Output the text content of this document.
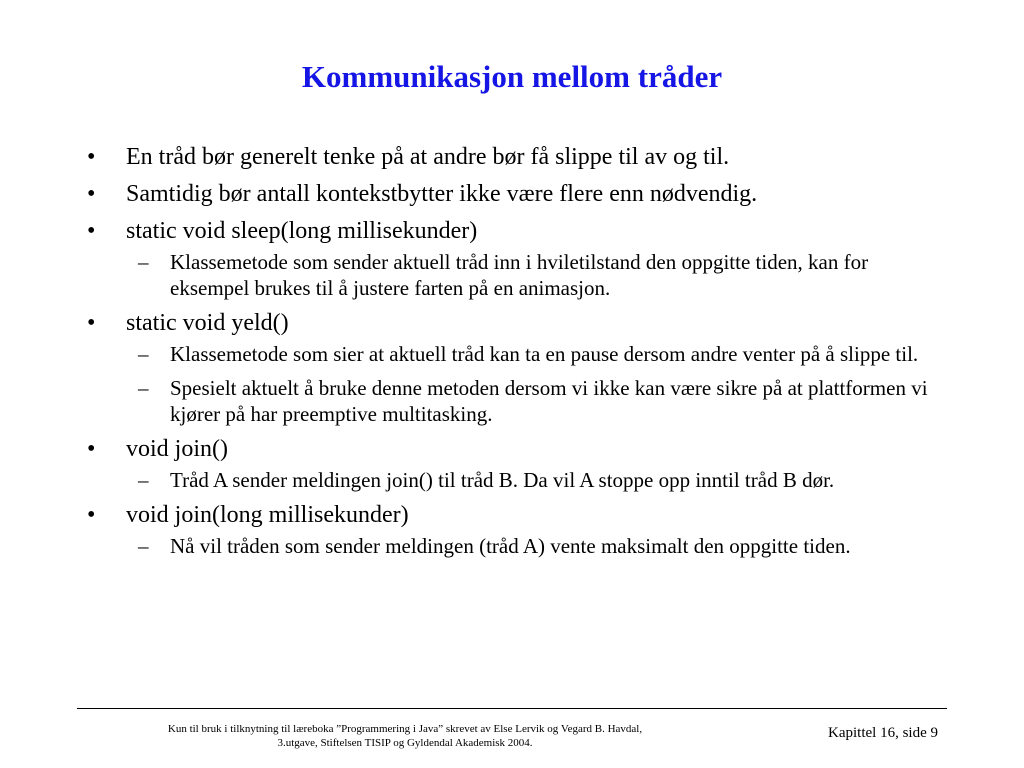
Kommunikasjon mellom tråder
• En tråd bør generelt tenke på at andre bør få slippe til av og til.
• Samtidig bør antall kontekstbytter ikke være flere enn nødvendig.
• static void sleep(long millisekunder)
– Klassemetode som sender aktuell tråd inn i hviletilstand den oppgitte tiden, kan for eksempel brukes til å justere farten på en animasjon.
• static void yeld()
– Klassemetode som sier at aktuell tråd kan ta en pause dersom andre venter på å slippe til.
– Spesielt aktuelt å bruke denne metoden dersom vi ikke kan være sikre på at plattformen vi kjører på har preemptive multitasking.
• void join()
– Tråd A sender meldingen join() til tråd B. Da vil A stoppe opp inntil tråd B dør.
• void join(long millisekunder)
– Nå vil tråden som sender meldingen (tråd A) vente maksimalt den oppgitte tiden.
Kun til bruk i tilknytning til læreboka ”Programmering i Java” skrevet av Else Lervik og Vegard B. Havdal,
3.utgave, Stiftelsen TISIP og Gyldendal Akademisk 2004.
Kapittel 16, side 9
